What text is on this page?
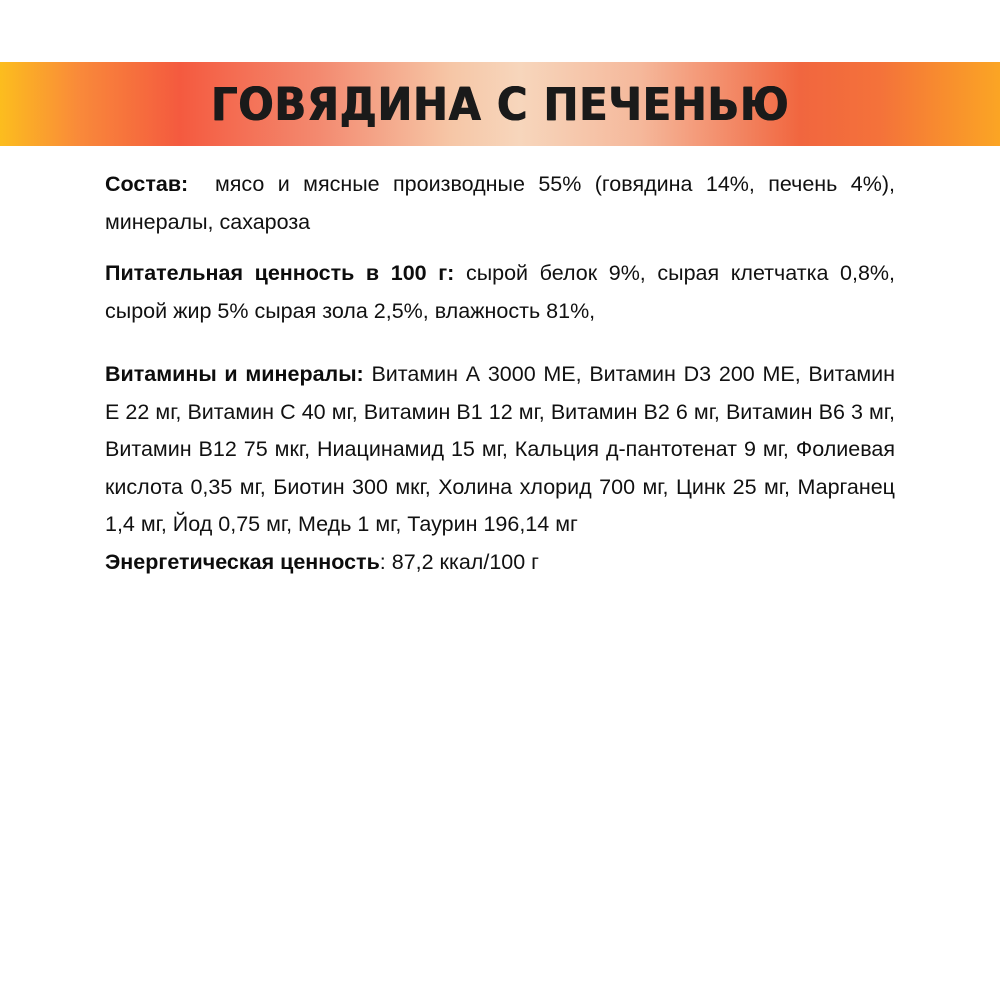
ГОВЯДИНА С ПЕЧЕНЬЮ

Состав: мясо и мясные производные 55% (говядина 14%, печень 4%), минералы, сахароза

Питательная ценность в 100 г: сырой белок 9%, сырая клетчатка 0,8%, сырой жир 5% сырая зола 2,5%, влажность 81%,

Витамины и минералы: Витамин А 3000 МЕ, Витамин D3 200 МЕ, Витамин Е 22 мг, Витамин С 40 мг, Витамин В1 12 мг, Витамин В2 6 мг, Витамин В6 3 мг, Витамин В12 75 мкг, Ниацинамид 15 мг, Кальция д-пантотенат 9 мг, Фолиевая кислота 0,35 мг, Биотин 300 мкг, Холина хлорид 700 мг, Цинк 25 мг, Марганец 1,4 мг, Йод 0,75 мг, Медь 1 мг, Таурин 196,14 мг

Энергетическая ценность: 87,2 ккал/100 г
